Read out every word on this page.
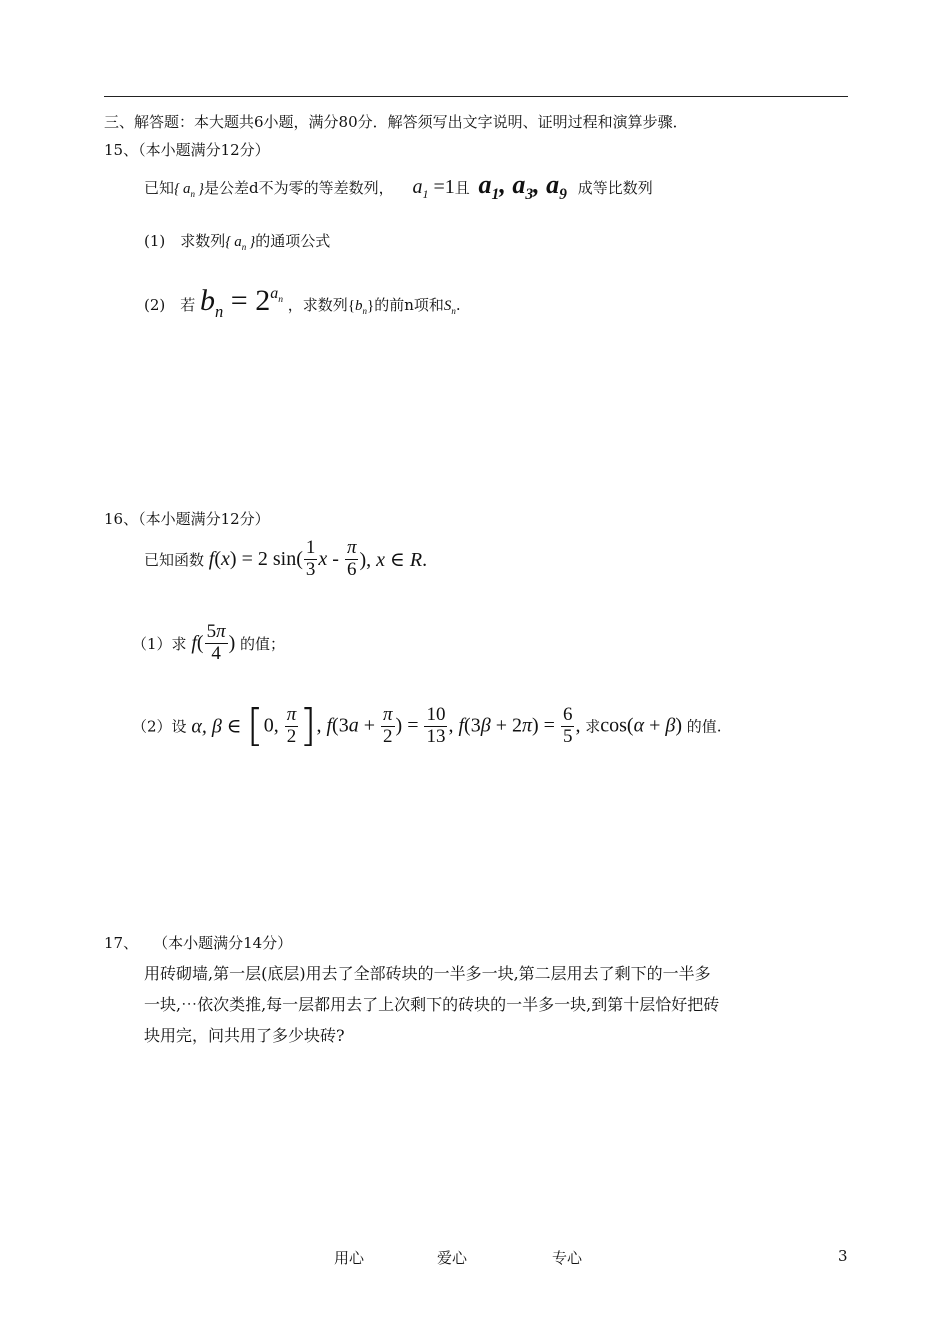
三、解答题：本大题共6小题，满分80分．解答须写出文字说明、证明过程和演算步骤．
15、（本小题满分12分）
已知{ $a_n$ }是公差d不为零的等差数列， $a_1 =1$且 $a_1$, $a_3$, $a_9$ 成等比数列
(1)  求数列{ $a_n$ }的通项公式
(2)  若 $b_n = 2^{a_n}$ ，求数列$\{b_n\}$的前n项和$S_n$.
16、（本小题满分12分）
已知函数 f(x) = 2 $\sin( \frac{1}{3}$ x - $\frac{\pi}{6}$ ), x ∈ R.
（1）求 $f( \frac{5\pi}{4}$ ) 的值；
（2）设 α, β ∈ [0, $\frac{\pi}{2}$ ], $f(3a + \frac{\pi}{2}$ ) = $\frac{10}{13}$ , $f(3\beta + 2\pi) = \frac{6}{5}$ , 求cos(α + β) 的值.
17、  （本小题满分14分）
用砖砌墙,第一层(底层)用去了全部砖块的一半多一块,第二层用去了剩下的一半多
一块,⋯依次类推,每一层都用去了上次剩下的砖块的一半多一块,到第十层恰好把砖
块用完，问共用了多少块砖?
用心	爱心	专心	3
